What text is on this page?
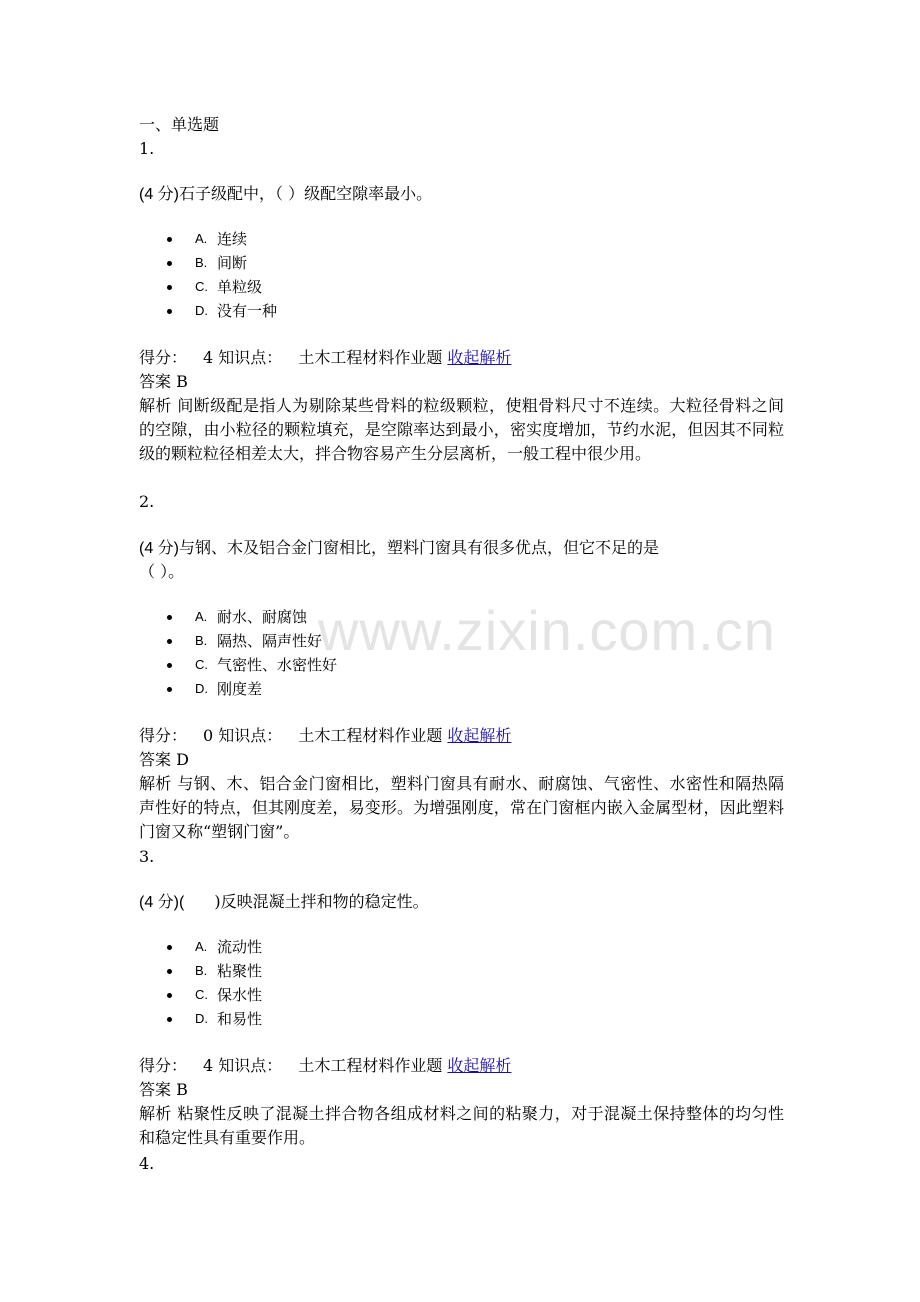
www.zixin.com.cn
一、单选题
1.
(4 分)石子级配中，（ ）级配空隙率最小。
A. 连续
B. 间断
C. 单粒级
D. 没有一种
得分： 4 知识点： 土木工程材料作业题 收起解析
答案 B
解析 间断级配是指人为剔除某些骨料的粒级颗粒，使粗骨料尺寸不连续。大粒径骨料之间的空隙，由小粒径的颗粒填充，是空隙率达到最小，密实度增加，节约水泥，但因其不同粒级的颗粒粒径相差太大，拌合物容易产生分层离析，一般工程中很少用。
2.
(4 分)与钢、木及铝合金门窗相比，塑料门窗具有很多优点，但它不足的是
（ ）。
A. 耐水、耐腐蚀
B. 隔热、隔声性好
C. 气密性、水密性好
D. 刚度差
得分： 0 知识点： 土木工程材料作业题 收起解析
答案 D
解析 与钢、木、铝合金门窗相比，塑料门窗具有耐水、耐腐蚀、气密性、水密性和隔热隔声性好的特点，但其刚度差，易变形。为增强刚度，常在门窗框内嵌入金属型材，因此塑料门窗又称“塑钢门窗”。
3.
(4 分)( )反映混凝土拌和物的稳定性。
A. 流动性
B. 粘聚性
C. 保水性
D. 和易性
得分： 4 知识点： 土木工程材料作业题 收起解析
答案 B
解析 粘聚性反映了混凝土拌合物各组成材料之间的粘聚力，对于混凝土保持整体的均匀性和稳定性具有重要作用。
4.
